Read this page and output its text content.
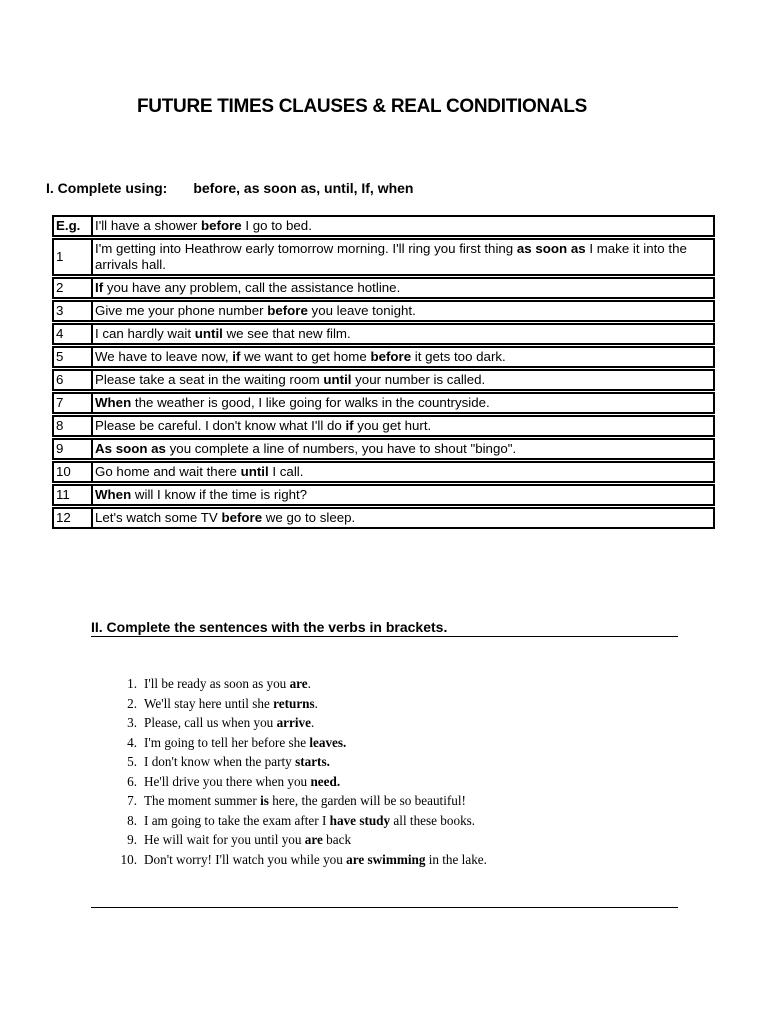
FUTURE TIMES CLAUSES & REAL CONDITIONALS
I. Complete using: before, as soon as, until, If, when
E.g.	I'll have a shower before I go to bed.
1	I'm getting into Heathrow early tomorrow morning. I'll ring you first thing as soon as I make it into the arrivals hall.
2	If you have any problem, call the assistance hotline.
3	Give me your phone number before you leave tonight.
4	I can hardly wait until we see that new film.
5	We have to leave now, if we want to get home before it gets too dark.
6	Please take a seat in the waiting room until your number is called.
7	When the weather is good, I like going for walks in the countryside.
8	Please be careful. I don't know what I'll do if you get hurt.
9	As soon as you complete a line of numbers, you have to shout "bingo".
10	Go home and wait there until I call.
11	When will I know if the time is right?
12	Let's watch some TV before we go to sleep.
II. Complete the sentences with the verbs in brackets.
1. I'll be ready as soon as you are.
2. We'll stay here until she returns.
3. Please, call us when you arrive.
4. I'm going to tell her before she leaves.
5. I don't know when the party starts.
6. He'll drive you there when you need.
7. The moment summer is here, the garden will be so beautiful!
8. I am going to take the exam after I have study all these books.
9. He will wait for you until you are back
10. Don't worry! I'll watch you while you are swimming in the lake.
